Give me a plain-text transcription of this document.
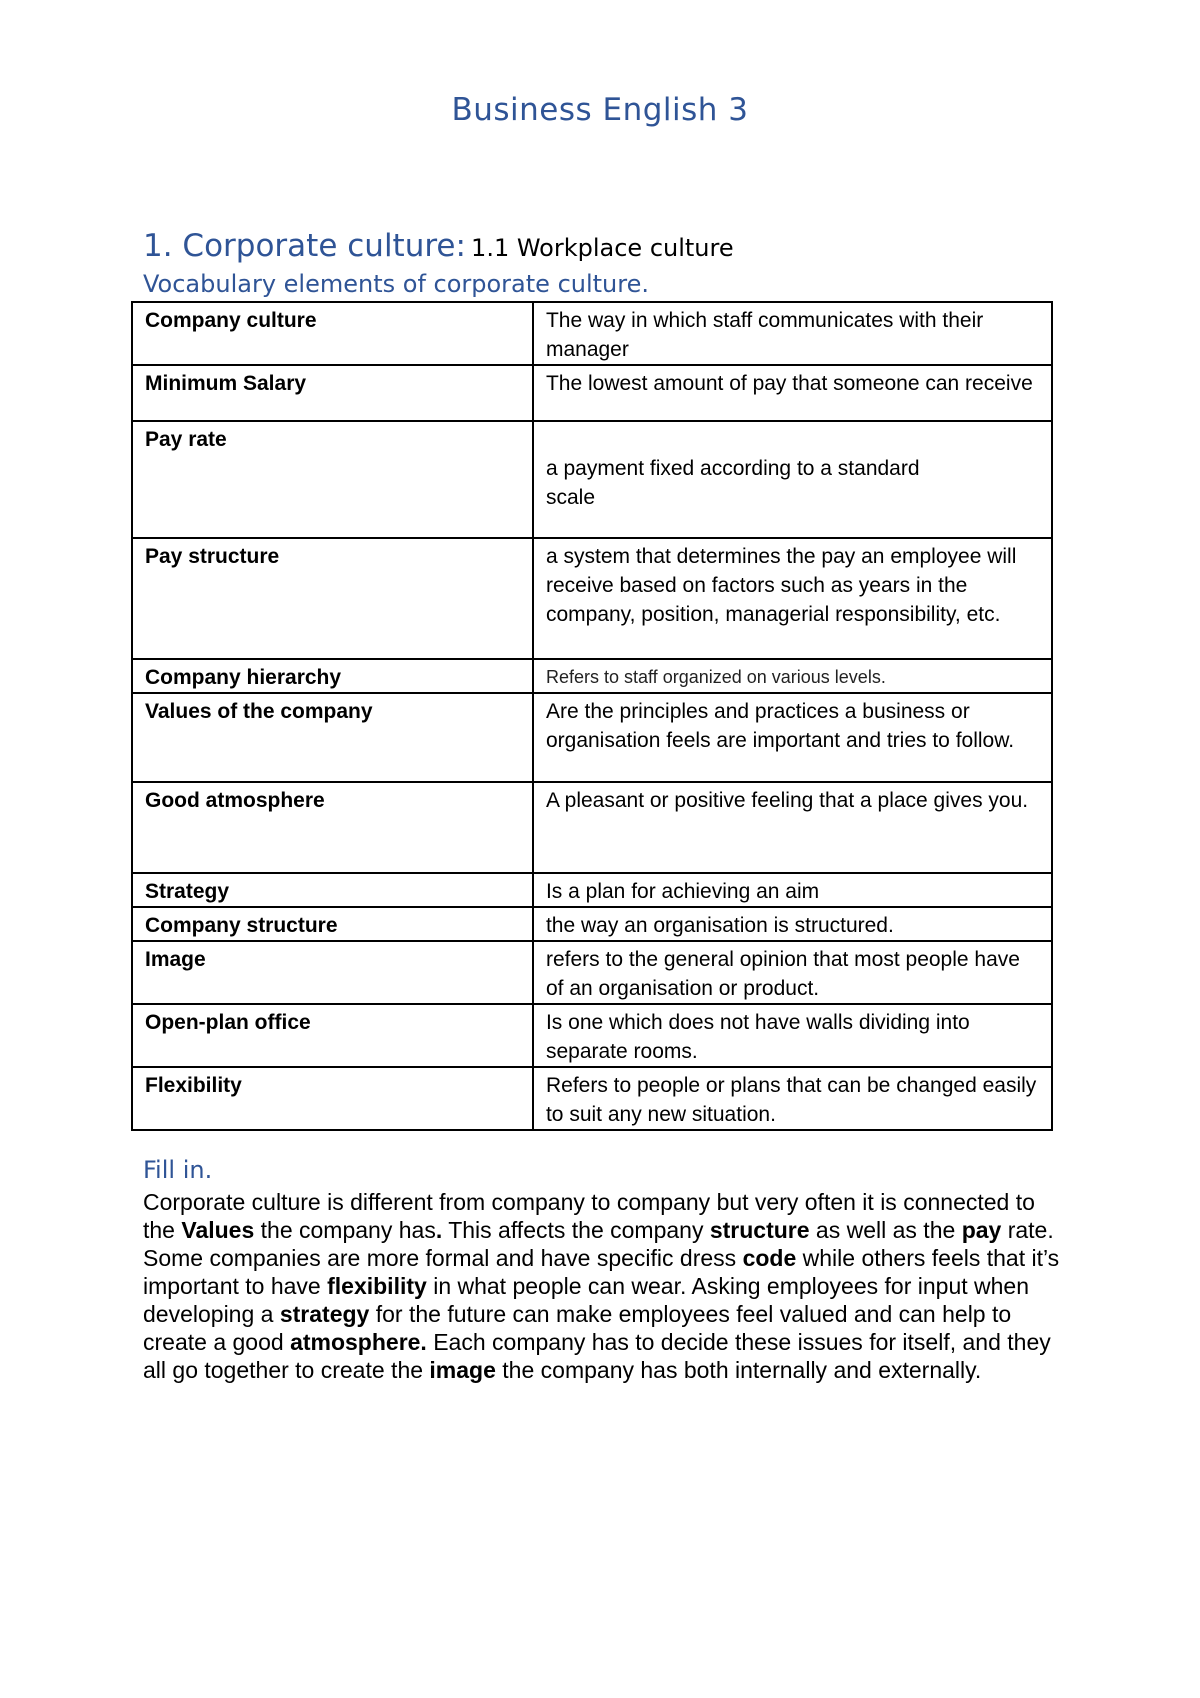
Business English 3
1. Corporate culture: 1.1 Workplace culture
Vocabulary elements of corporate culture.
Company culture	The way in which staff communicates with their manager
Minimum Salary	The lowest amount of pay that someone can receive
Pay rate	a payment fixed according to a standard scale
Pay structure	a system that determines the pay an employee will receive based on factors such as years in the company, position, managerial responsibility, etc.
Company hierarchy	Refers to staff organized on various levels.
Values of the company	Are the principles and practices a business or organisation feels are important and tries to follow.
Good atmosphere	A pleasant or positive feeling that a place gives you.
Strategy	Is a plan for achieving an aim
Company structure	the way an organisation is structured.
Image	refers to the general opinion that most people have of an organisation or product.
Open-plan office	Is one which does not have walls dividing into separate rooms.
Flexibility	Refers to people or plans that can be changed easily to suit any new situation.
Fill in.

Corporate culture is different from company to company but very often it is connected to the Values the company has. This affects the company structure as well as the pay rate. Some companies are more formal and have specific dress code while others feels that it’s important to have flexibility in what people can wear. Asking employees for input when developing a strategy for the future can make employees feel valued and can help to create a good atmosphere. Each company has to decide these issues for itself, and they all go together to create the image the company has both internally and externally.
